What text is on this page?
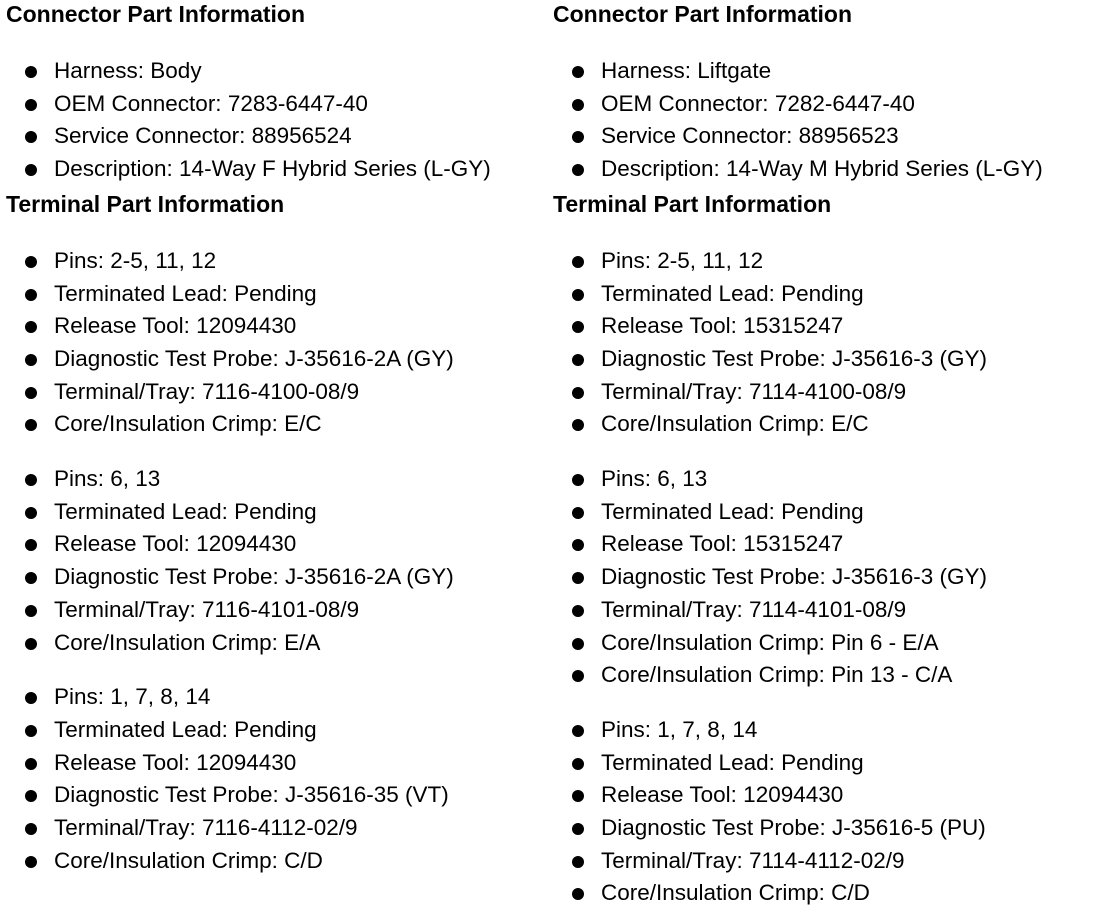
Connector Part Information
Harness: Body
OEM Connector: 7283-6447-40
Service Connector: 88956524
Description: 14-Way F Hybrid Series (L-GY)
Terminal Part Information
Pins: 2-5, 11, 12
Terminated Lead: Pending
Release Tool: 12094430
Diagnostic Test Probe: J-35616-2A (GY)
Terminal/Tray: 7116-4100-08/9
Core/Insulation Crimp: E/C
Pins: 6, 13
Terminated Lead: Pending
Release Tool: 12094430
Diagnostic Test Probe: J-35616-2A (GY)
Terminal/Tray: 7116-4101-08/9
Core/Insulation Crimp: E/A
Pins: 1, 7, 8, 14
Terminated Lead: Pending
Release Tool: 12094430
Diagnostic Test Probe: J-35616-35 (VT)
Terminal/Tray: 7116-4112-02/9
Core/Insulation Crimp: C/D
Connector Part Information
Harness: Liftgate
OEM Connector: 7282-6447-40
Service Connector: 88956523
Description: 14-Way M Hybrid Series (L-GY)
Terminal Part Information
Pins: 2-5, 11, 12
Terminated Lead: Pending
Release Tool: 15315247
Diagnostic Test Probe: J-35616-3 (GY)
Terminal/Tray: 7114-4100-08/9
Core/Insulation Crimp: E/C
Pins: 6, 13
Terminated Lead: Pending
Release Tool: 15315247
Diagnostic Test Probe: J-35616-3 (GY)
Terminal/Tray: 7114-4101-08/9
Core/Insulation Crimp: Pin 6 - E/A
Core/Insulation Crimp: Pin 13 - C/A
Pins: 1, 7, 8, 14
Terminated Lead: Pending
Release Tool: 12094430
Diagnostic Test Probe: J-35616-5 (PU)
Terminal/Tray: 7114-4112-02/9
Core/Insulation Crimp: C/D
